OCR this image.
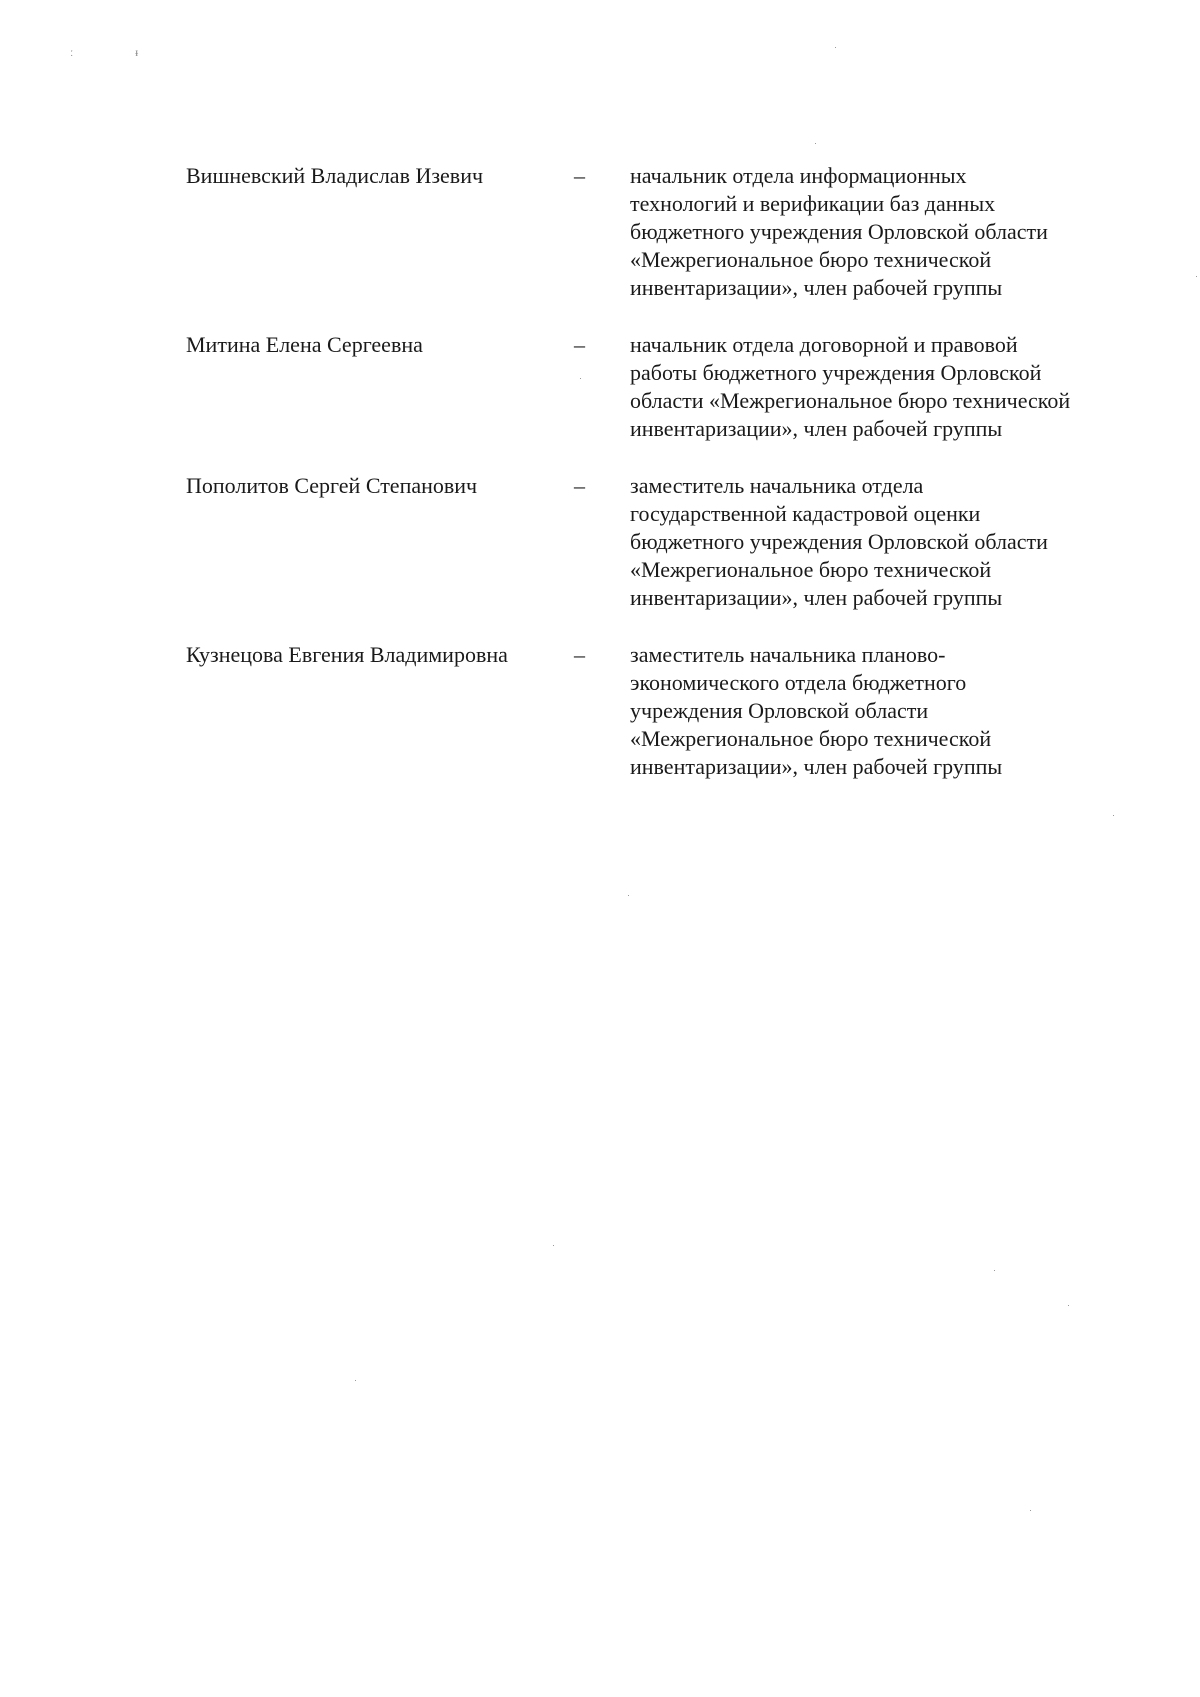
ː	ᵻ
Вишневский Владислав Изевич	–	начальник отдела информационных
технологий и верификации баз данных
бюджетного учреждения Орловской области
«Межрегиональное бюро технической
инвентаризации», член рабочей группы
Митина Елена Сергеевна	–	начальник отдела договорной и правовой
работы бюджетного учреждения Орловской
области «Межрегиональное бюро технической
инвентаризации», член рабочей группы
Пополитов Сергей Степанович	–	заместитель начальника отдела
государственной кадастровой оценки
бюджетного учреждения Орловской области
«Межрегиональное бюро технической
инвентаризации», член рабочей группы
Кузнецова Евгения Владимировна	–	заместитель начальника планово-
экономического отдела бюджетного
учреждения Орловской области
«Межрегиональное бюро технической
инвентаризации», член рабочей группы
